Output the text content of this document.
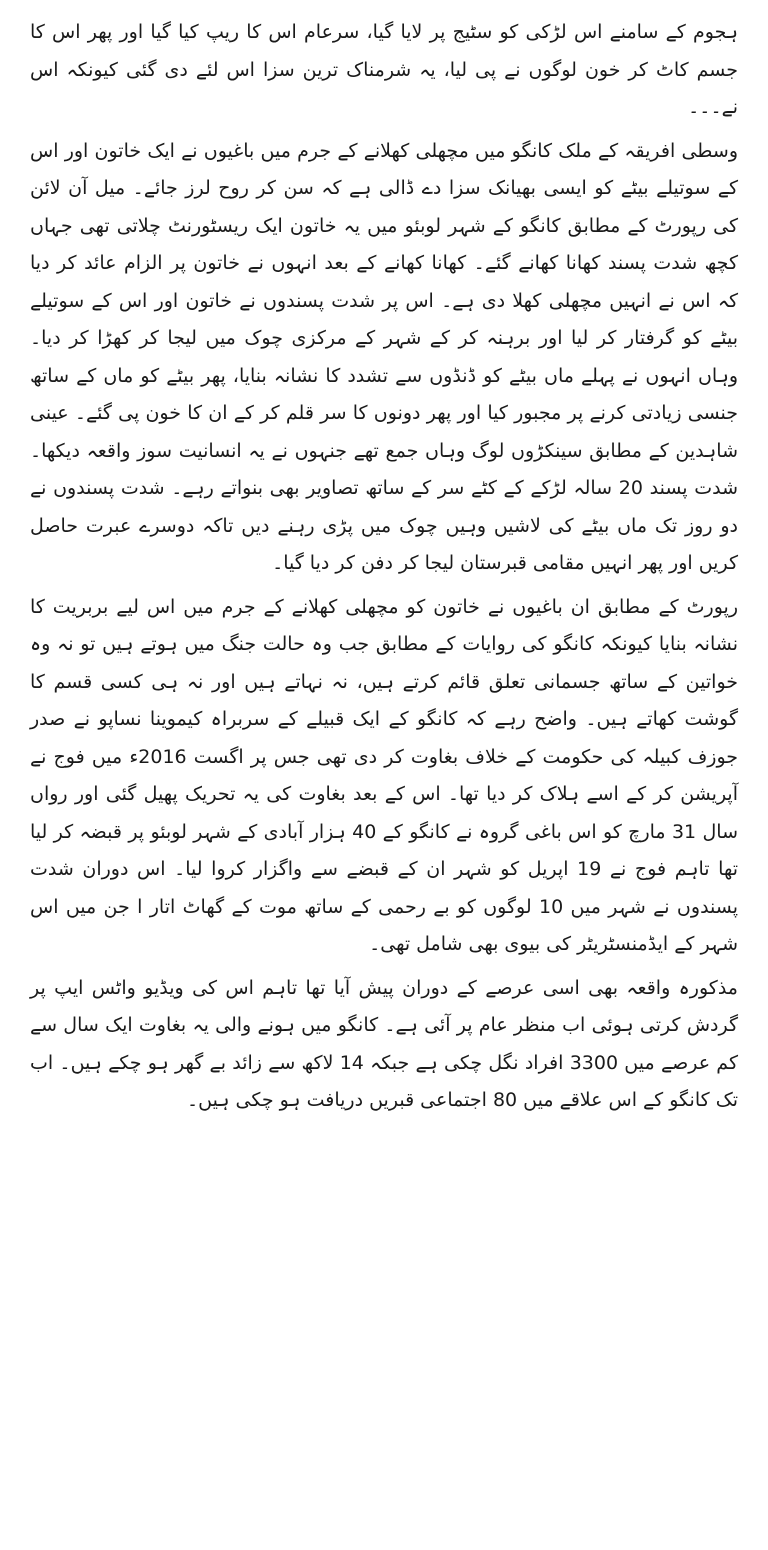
ہجوم کے سامنے اس لڑکی کو سٹیج پر لایا گیا، سرعام اس کا ریپ کیا گیا اور پھر اس کا جسم کاٹ کر خون لوگوں نے پی لیا، یہ شرمناک ترین سزا اس لئے دی گئی کیونکہ اس نے۔۔۔

وسطی افریقہ کے ملک کانگو میں مچھلی کھلانے کے جرم میں باغیوں نے ایک خاتون اور اس کے سوتیلے بیٹے کو ایسی بھیانک سزا دے ڈالی ہے کہ سن کر روح لرز جائے۔ میل آن لائن کی رپورٹ کے مطابق کانگو کے شہر لوبئو میں یہ خاتون ایک ریسٹورنٹ چلاتی تھی جہاں کچھ شدت پسند کھانا کھانے گئے۔ کھانا کھانے کے بعد انہوں نے خاتون پر الزام عائد کر دیا کہ اس نے انہیں مچھلی کھلا دی ہے۔ اس پر شدت پسندوں نے خاتون اور اس کے سوتیلے بیٹے کو گرفتار کر لیا اور برہنہ کر کے شہر کے مرکزی چوک میں لیجا کر کھڑا کر دیا۔ وہاں انہوں نے پہلے ماں بیٹے کو ڈنڈوں سے تشدد کا نشانہ بنایا، پھر بیٹے کو ماں کے ساتھ جنسی زیادتی کرنے پر مجبور کیا اور پھر دونوں کا سر قلم کر کے ان کا خون پی گئے۔ عینی شاہدین کے مطابق سینکڑوں لوگ وہاں جمع تھے جنہوں نے یہ انسانیت سوز واقعہ دیکھا۔ شدت پسند 20 سالہ لڑکے کے کٹے سر کے ساتھ تصاویر بھی بنواتے رہے۔ شدت پسندوں نے دو روز تک ماں بیٹے کی لاشیں وہیں چوک میں پڑی رہنے دیں تاکہ دوسرے عبرت حاصل کریں اور پھر انہیں مقامی قبرستان لیجا کر دفن کر دیا گیا۔

رپورٹ کے مطابق ان باغیوں نے خاتون کو مچھلی کھلانے کے جرم میں اس لیے بربریت کا نشانہ بنایا کیونکہ کانگو کی روایات کے مطابق جب وہ حالت جنگ میں ہوتے ہیں تو نہ وہ خواتین کے ساتھ جسمانی تعلق قائم کرتے ہیں، نہ نہاتے ہیں اور نہ ہی کسی قسم کا گوشت کھاتے ہیں۔ واضح رہے کہ کانگو کے ایک قبیلے کے سربراہ کیموینا نساپو نے صدر جوزف کبیلہ کی حکومت کے خلاف بغاوت کر دی تھی جس پر اگست 2016ء میں فوج نے آپریشن کر کے اسے ہلاک کر دیا تھا۔ اس کے بعد بغاوت کی یہ تحریک پھیل گئی اور رواں سال 31 مارچ کو اس باغی گروہ نے کانگو کے 40 ہزار آبادی کے شہر لوبئو پر قبضہ کر لیا تھا تاہم فوج نے 19 اپریل کو شہر ان کے قبضے سے واگزار کروا لیا۔ اس دوران شدت پسندوں نے شہر میں 10 لوگوں کو بے رحمی کے ساتھ موت کے گھاٹ اتار ا جن میں اس شہر کے ایڈمنسٹریٹر کی بیوی بھی شامل تھی۔

مذکورہ واقعہ بھی اسی عرصے کے دوران پیش آیا تھا تاہم اس کی ویڈیو واٹس ایپ پر گردش کرتی ہوئی اب منظر عام پر آئی ہے۔ کانگو میں ہونے والی یہ بغاوت ایک سال سے کم عرصے میں 3300 افراد نگل چکی ہے جبکہ 14 لاکھ سے زائد بے گھر ہو چکے ہیں۔ اب تک کانگو کے اس علاقے میں 80 اجتماعی قبریں دریافت ہو چکی ہیں۔
